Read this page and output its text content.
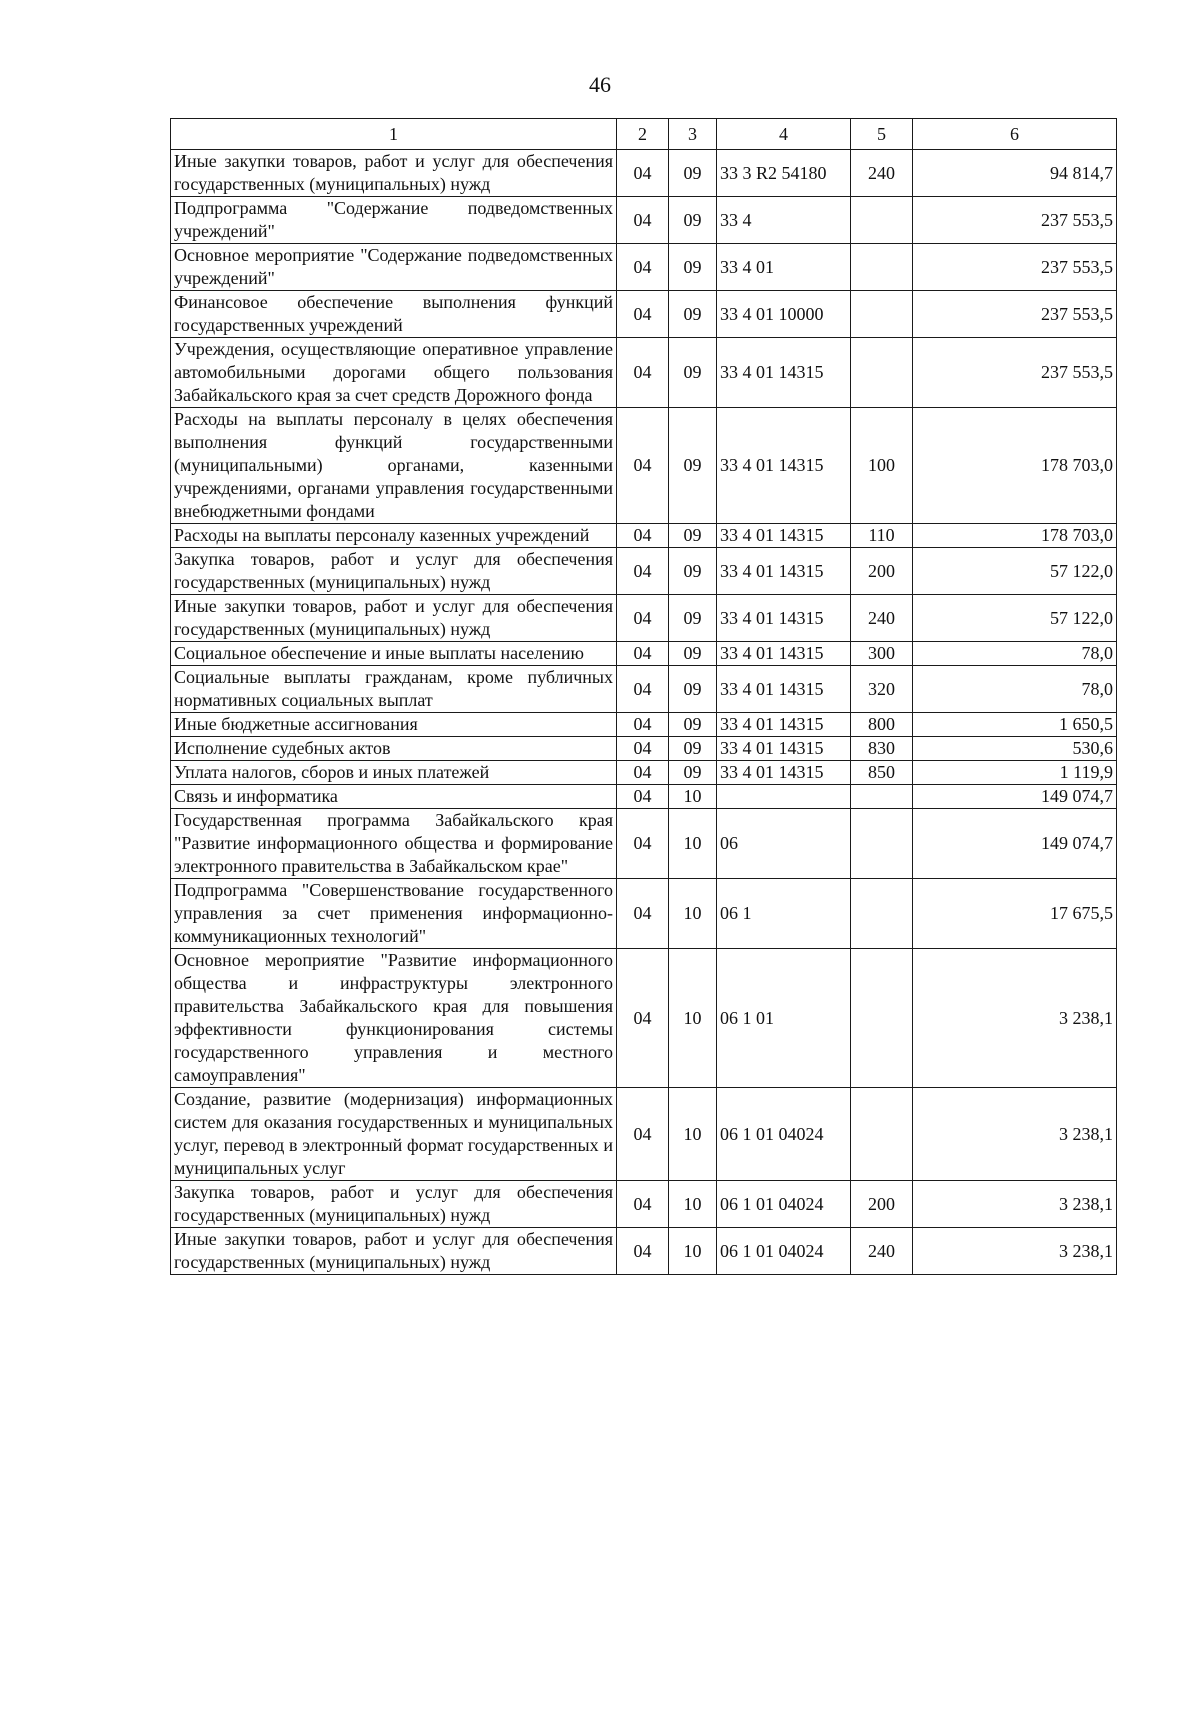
46
1	2	3	4	5	6
Иные закупки товаров, работ и услуг для обеспечения государственных (муниципальных) нужд	04	09	33 3 R2 54180	240	94 814,7
Подпрограмма "Содержание подведомственных учреждений"	04	09	33 4		237 553,5
Основное мероприятие "Содержание подведомственных учреждений"	04	09	33 4 01		237 553,5
Финансовое обеспечение выполнения функций государственных учреждений	04	09	33 4 01 10000		237 553,5
Учреждения, осуществляющие оперативное управление автомобильными дорогами общего пользования Забайкальского края за счет средств Дорожного фонда	04	09	33 4 01 14315		237 553,5
Расходы на выплаты персоналу в целях обеспечения выполнения функций государственными (муниципальными) органами, казенными учреждениями, органами управления государственными внебюджетными фондами	04	09	33 4 01 14315	100	178 703,0
Расходы на выплаты персоналу казенных учреждений	04	09	33 4 01 14315	110	178 703,0
Закупка товаров, работ и услуг для обеспечения государственных (муниципальных) нужд	04	09	33 4 01 14315	200	57 122,0
Иные закупки товаров, работ и услуг для обеспечения государственных (муниципальных) нужд	04	09	33 4 01 14315	240	57 122,0
Социальное обеспечение и иные выплаты населению	04	09	33 4 01 14315	300	78,0
Социальные выплаты гражданам, кроме публичных нормативных социальных выплат	04	09	33 4 01 14315	320	78,0
Иные бюджетные ассигнования	04	09	33 4 01 14315	800	1 650,5
Исполнение судебных актов	04	09	33 4 01 14315	830	530,6
Уплата налогов, сборов и иных платежей	04	09	33 4 01 14315	850	1 119,9
Связь и информатика	04	10			149 074,7
Государственная программа Забайкальского края "Развитие информационного общества и формирование электронного правительства в Забайкальском крае"	04	10	06		149 074,7
Подпрограмма "Совершенствование государственного управления за счет применения информационно-коммуникационных технологий"	04	10	06 1		17 675,5
Основное мероприятие "Развитие информационного общества и инфраструктуры электронного правительства Забайкальского края для повышения эффективности функционирования системы государственного управления и местного самоуправления"	04	10	06 1 01		3 238,1
Создание, развитие (модернизация) информационных систем для оказания государственных и муниципальных услуг, перевод в электронный формат государственных и муниципальных услуг	04	10	06 1 01 04024		3 238,1
Закупка товаров, работ и услуг для обеспечения государственных (муниципальных) нужд	04	10	06 1 01 04024	200	3 238,1
Иные закупки товаров, работ и услуг для обеспечения государственных (муниципальных) нужд	04	10	06 1 01 04024	240	3 238,1
